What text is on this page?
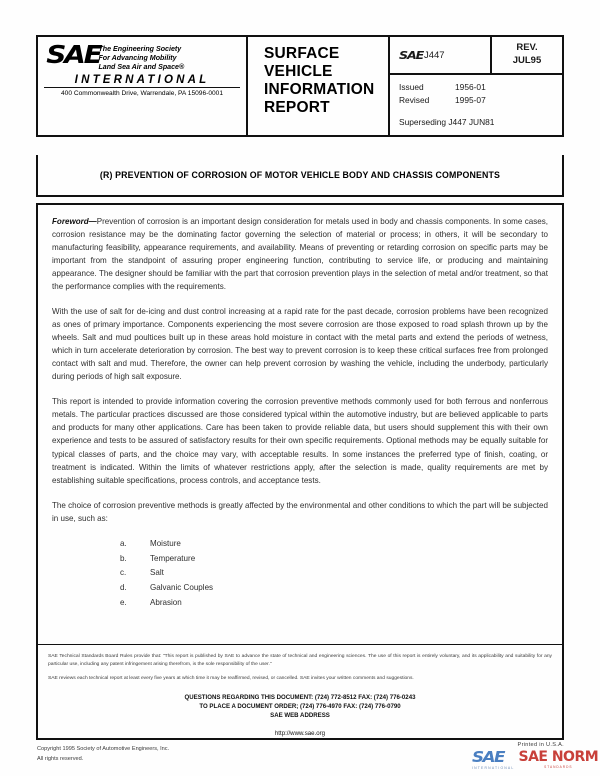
SAE
The Engineering Society
For Advancing Mobility
Land Sea Air and Space®
INTERNATIONAL
400 Commonwealth Drive, Warrendale, PA 15096-0001
SURFACE
VEHICLE
INFORMATION
REPORT
SAE J447
REV.
JUL95
Issued	1956-01
Revised	1995-07
Superseding J447 JUN81
(R) PREVENTION OF CORROSION OF MOTOR VEHICLE BODY AND CHASSIS COMPONENTS

Foreword—Prevention of corrosion is an important design consideration for metals used in body and chassis components. In some cases, corrosion resistance may be the dominating factor governing the selection of material or process; in others, it will be secondary to manufacturing feasibility, appearance requirements, and availability. Means of preventing or retarding corrosion on specific parts may be important from the standpoint of assuring proper engineering function, contributing to service life, or producing and maintaining appearance. The designer should be familiar with the part that corrosion prevention plays in the selection of metal and/or treatment, so that the performance complies with the requirements.

With the use of salt for de-icing and dust control increasing at a rapid rate for the past decade, corrosion problems have been recognized as ones of primary importance. Components experiencing the most severe corrosion are those exposed to road splash thrown up by the wheels. Salt and mud poultices built up in these areas hold moisture in contact with the metal parts and extend the periods of wetness, which in turn accelerate deterioration by corrosion. The best way to prevent corrosion is to keep these critical surfaces free from prolonged contact with salt and mud. Therefore, the owner can help prevent corrosion by washing the vehicle, including the underbody, particularly during periods of high salt exposure.

This report is intended to provide information covering the corrosion preventive methods commonly used for both ferrous and nonferrous metals. The particular practices discussed are those considered typical within the automotive industry, but are believed applicable to parts and products for many other applications. Care has been taken to provide reliable data, but users should supplement this with their own experience and tests to be assured of satisfactory results for their own specific requirements. Optional methods may be equally suitable for typical classes of parts, and the choice may vary, with acceptable results. In some instances the preferred type of finish, coating, or treatment is indicated. Within the limits of whatever restrictions apply, after the selection is made, quality requirements are met by establishing suitable specifications, process controls, and acceptance tests.

The choice of corrosion preventive methods is greatly affected by the environmental and other conditions to which the part will be subjected in use, such as:

a.	Moisture
b.	Temperature
c.	Salt
d.	Galvanic Couples
e.	Abrasion

SAE Technical Standards Board Rules provide that: "This report is published by SAE to advance the state of technical and engineering sciences. The use of this report is entirely voluntary, and its applicability and suitability for any particular use, including any patent infringement arising therefrom, is the sole responsibility of the user."

SAE reviews each technical report at least every five years at which time it may be reaffirmed, revised, or cancelled. SAE invites your written comments and suggestions.

QUESTIONS REGARDING THIS DOCUMENT: (724) 772-8512 FAX: (724) 776-0243
TO PLACE A DOCUMENT ORDER; (724) 776-4970 FAX: (724) 776-0790
SAE WEB ADDRESS

http://www.sae.org
Copyright 1995 Society of Automotive Engineers, Inc.
All rights reserved.
Printed in U.S.A.
SAE
INTERNATIONAL
SAE NORM
STANDARDS
